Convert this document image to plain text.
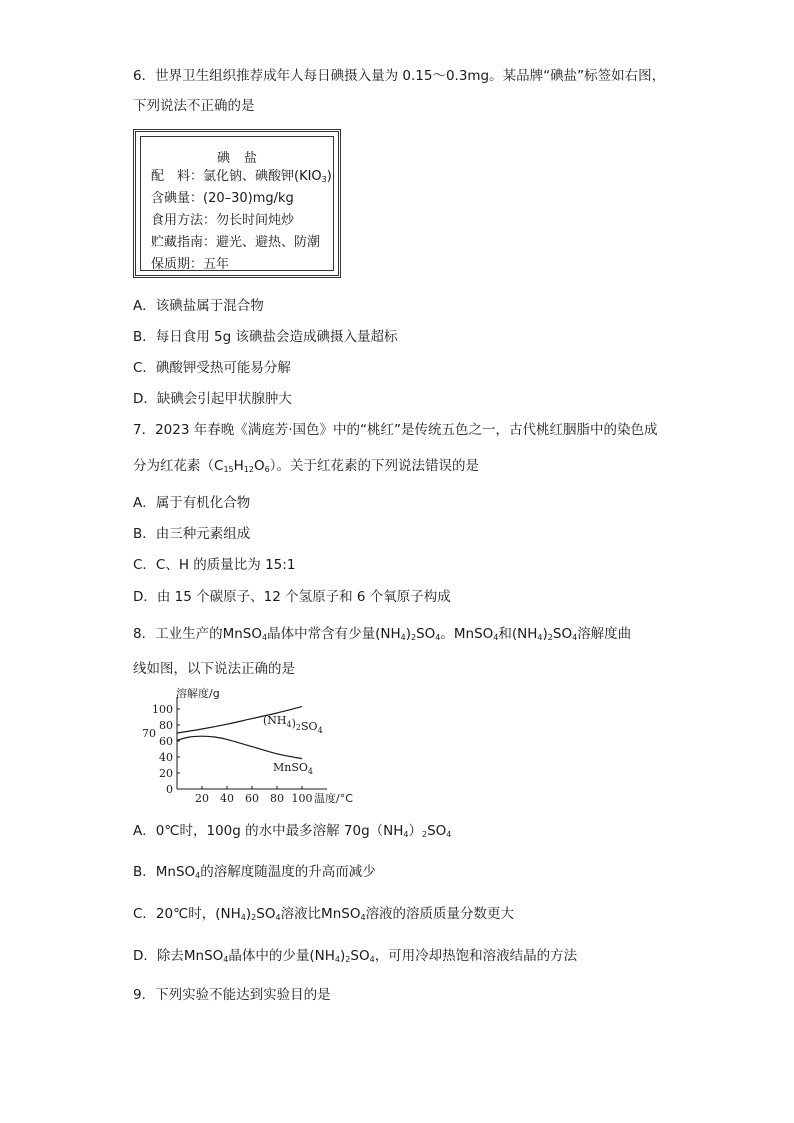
6．世界卫生组织推荐成年人每日碘摄入量为 0.15～0.3mg。某品牌“碘盐”标签如右图，
下列说法不正确的是
碘盐
配　料：氯化钠、碘酸钾$(KIO_3)$
含碘量：(20–30)mg/kg
食用方法：勿长时间炖炒
贮藏指南：避光、避热、防潮
保质期：五年
A．该碘盐属于混合物
B．每日食用 5g 该碘盐会造成碘摄入量超标
C．碘酸钾受热可能易分解
D．缺碘会引起甲状腺肿大
7．2023 年春晚《满庭芳·国色》中的“桃红”是传统五色之一，古代桃红胭脂中的染色成
分为红花素$(C_{15}H_{12}O_6)$。关于红花素的下列说法错误的是
A．属于有机化合物
B．由三种元素组成
C．C、H 的质量比为 15:1
D．由 15 个碳原子、12 个氢原子和 6 个氧原子构成
8．工业生产的MnSO$_4$晶体中常含有少量$(NH_4)_2SO_4$。MnSO$_4$和$(NH_4)_2SO_4$溶解度曲
线如图，以下说法正确的是
0
20
40
60
80
100
70
20 40 60 80 100
溶解度/g
温度/°C
$(NH_4)_2SO_4$
MnSO$_4$
A．0℃时，100g 的水中最多溶解 $70g(NH_4)_2SO_4$
B．MnSO$_4$的溶解度随温度的升高而减少
C．20℃时，$(NH_4)_2SO_4$溶液比MnSO$_4$溶液的溶质质量分数更大
D．除去MnSO$_4$晶体中的少量$(NH_4)_2SO_4$，可用冷却热饱和溶液结晶的方法
9．下列实验不能达到实验目的是
